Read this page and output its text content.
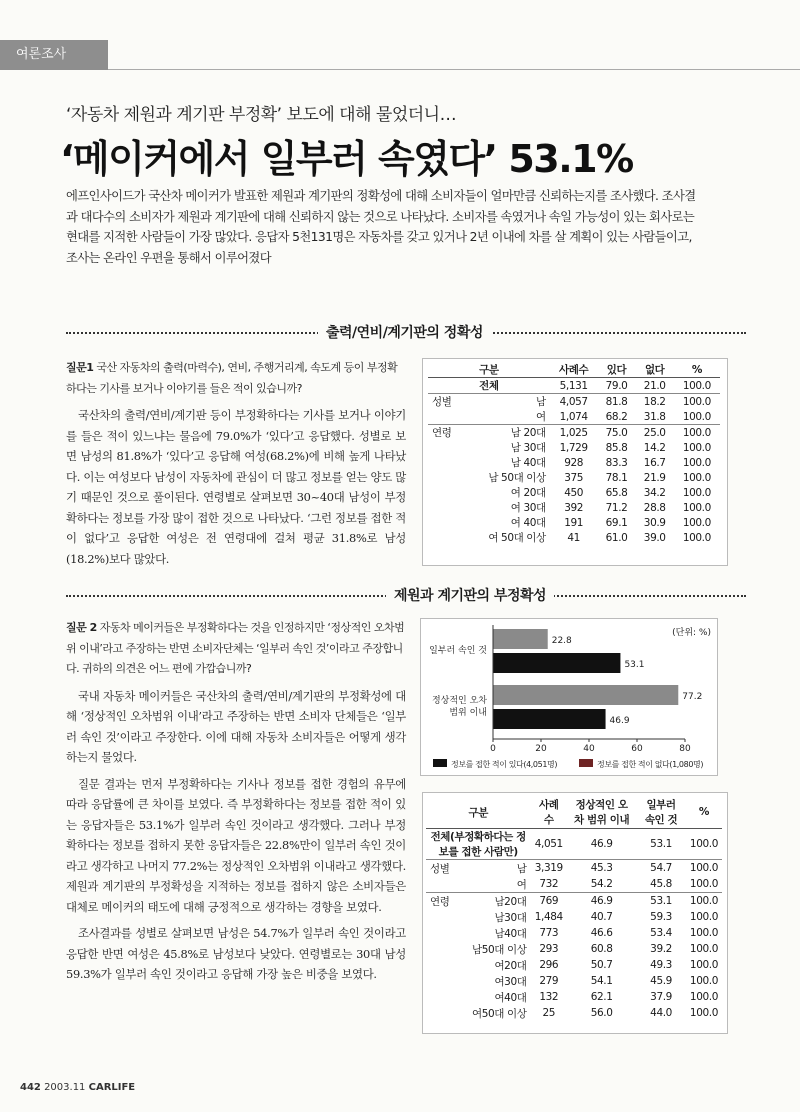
여론조사
‘자동차 제원과 계기판 부정확’ 보도에 대해 물었더니…
‘메이커에서 일부러 속였다’ 53.1%
에프인사이드가 국산차 메이커가 발표한 제원과 계기판의 정확성에 대해 소비자들이 얼마만큼 신뢰하는지를 조사했다. 조사결과 대다수의 소비자가 제원과 계기판에 대해 신뢰하지 않는 것으로 나타났다. 소비자를 속였거나 속일 가능성이 있는 회사로는 현대를 지적한 사람들이 가장 많았다. 응답자 5천131명은 자동차를 갖고 있거나 2년 이내에 차를 살 계획이 있는 사람들이고, 조사는 온라인 우편을 통해서 이루어졌다
출력/연비/계기판의 정확성
질문1 국산 자동차의 출력(마력수), 연비, 주행거리계, 속도계 등이 부정확하다는 기사를 보거나 이야기를 들은 적이 있습니까?

국산차의 출력/연비/계기판 등이 부정확하다는 기사를 보거나 이야기를 들은 적이 있느냐는 물음에 79.0%가 ‘있다’고 응답했다. 성별로 보면 남성의 81.8%가 ‘있다’고 응답해 여성(68.2%)에 비해 높게 나타났다. 이는 여성보다 남성이 자동차에 관심이 더 많고 정보를 얻는 양도 많기 때문인 것으로 풀이된다. 연령별로 살펴보면 30~40대 남성이 부정확하다는 정보를 가장 많이 접한 것으로 나타났다. ‘그런 정보를 접한 적이 없다’고 응답한 여성은 전 연령대에 걸쳐 평균 31.8%로 남성(18.2%)보다 많았다.

구분		사례수	있다	없다	%
전체		5,131	79.0	21.0	100.0
성별	남	4,057	81.8	18.2	100.0
	여	1,074	68.2	31.8	100.0
연령	남 20대	1,025	75.0	25.0	100.0
	남 30대	1,729	85.8	14.2	100.0
	남 40대	928	83.3	16.7	100.0
	남 50대 이상	375	78.1	21.9	100.0
	여 20대	450	65.8	34.2	100.0
	여 30대	392	71.2	28.8	100.0
	여 40대	191	69.1	30.9	100.0
	여 50대 이상	41	61.0	39.0	100.0
제원과 계기판의 부정확성
질문 2 자동차 메이커들은 부정확하다는 것을 인정하지만 ‘정상적인 오차범위 이내’라고 주장하는 반면 소비자단체는 ‘일부러 속인 것’이라고 주장합니다. 귀하의 의견은 어느 편에 가깝습니까?

국내 자동차 메이커들은 국산차의 출력/연비/계기판의 부정확성에 대해 ‘정상적인 오차범위 이내’라고 주장하는 반면 소비자 단체들은 ‘일부러 속인 것’이라고 주장한다. 이에 대해 자동차 소비자들은 어떻게 생각하는지 물었다.

질문 결과는 먼저 부정확하다는 기사나 정보를 접한 경험의 유무에 따라 응답률에 큰 차이를 보였다. 즉 부정확하다는 정보를 접한 적이 있는 응답자들은 53.1%가 일부러 속인 것이라고 생각했다. 그러나 부정확하다는 정보를 접하지 못한 응답자들은 22.8%만이 일부러 속인 것이라고 생각하고 나머지 77.2%는 정상적인 오차범위 이내라고 생각했다. 제원과 계기판의 부정확성을 지적하는 정보를 접하지 않은 소비자들은 대체로 메이커의 태도에 대해 긍정적으로 생각하는 경향을 보였다.

조사결과를 성별로 살펴보면 남성은 54.7%가 일부러 속인 것이라고 응답한 반면 여성은 45.8%로 남성보다 낮았다. 연령별로는 30대 남성 59.3%가 일부러 속인 것이라고 응답해 가장 높은 비중을 보였다.

(단위: %)
22.8
53.1
일부러 속인 것
77.2
46.9
정상적인 오차
범위 이내
0	20	40	60	80
정보를 접한 적이 있다(4,051명)	정보를 접한 적이 없다(1,080명)
구분		사례수	정상적인 오차 범위 이내	일부러 속인 것	%
전체(부정확하다는 정보를 접한 사람만)		4,051	46.9	53.1	100.0
성별	남	3,319	45.3	54.7	100.0
	여	732	54.2	45.8	100.0
연령	남20대	769	46.9	53.1	100.0
	남30대	1,484	40.7	59.3	100.0
	남40대	773	46.6	53.4	100.0
	남50대 이상	293	60.8	39.2	100.0
	여20대	296	50.7	49.3	100.0
	여30대	279	54.1	45.9	100.0
	여40대	132	62.1	37.9	100.0
	여50대 이상	25	56.0	44.0	100.0
442 2003.11 CARLIFE
